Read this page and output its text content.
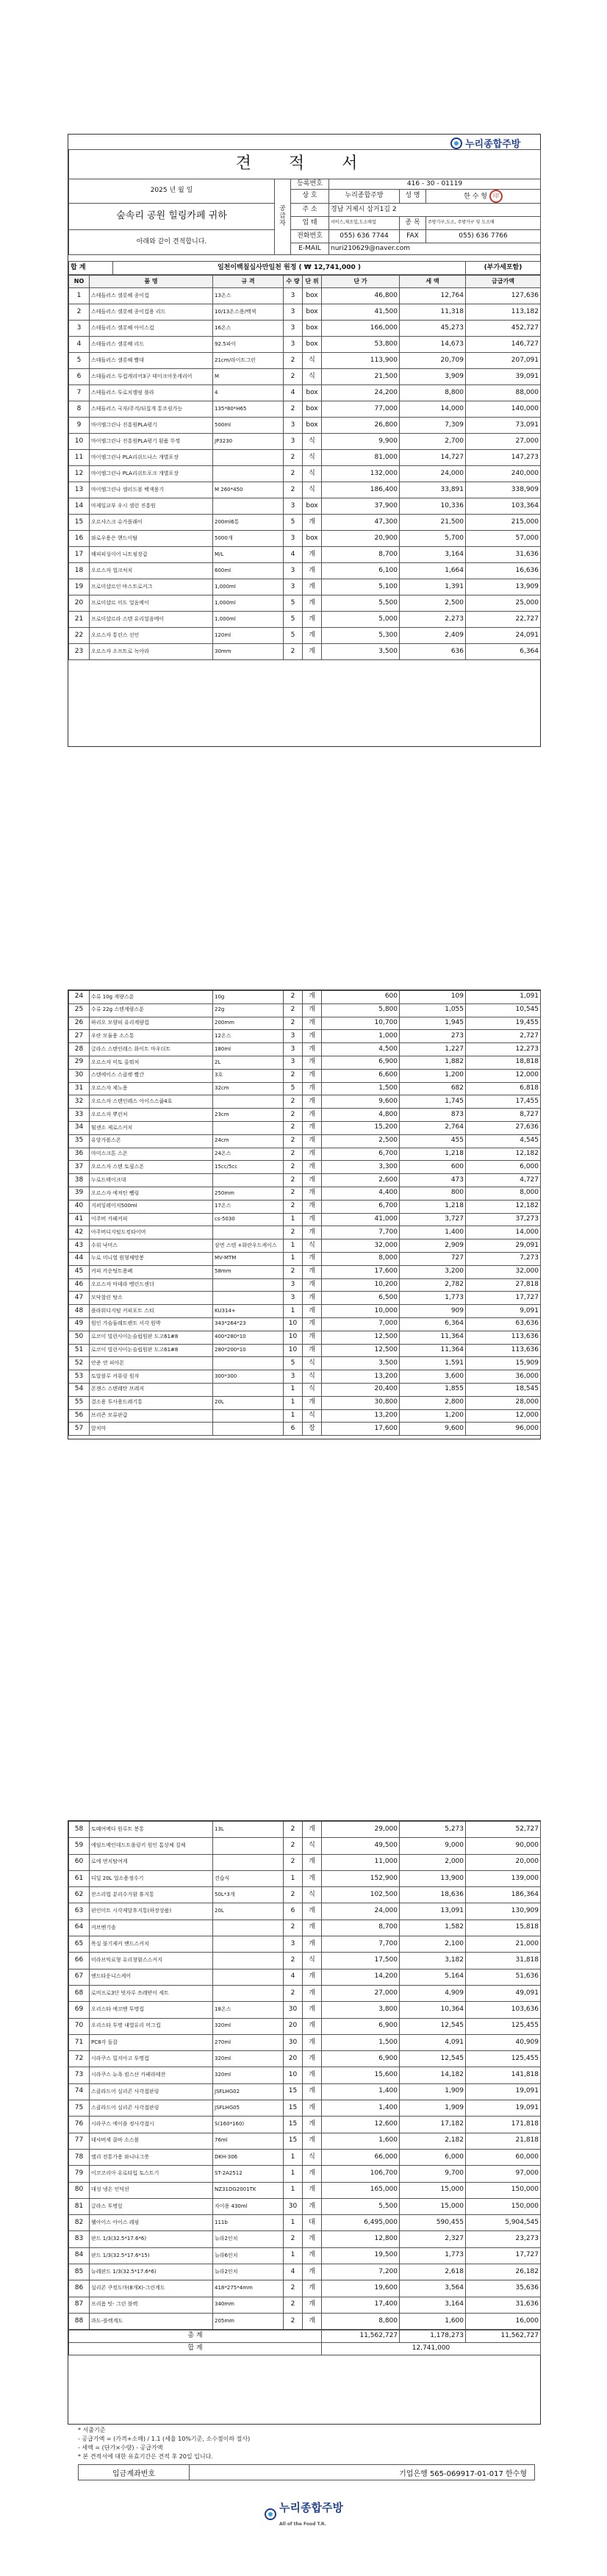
누리종합주방
견 적 서					
2025 년 월 일	공 급 자	등록번호	416 - 30 - 01119		
		상 호	누리종합주방	성 명	한 수 형 印
숲속리 공원 힐링카페 귀하		주 소	경남 거제시 삼거1길 2		
		업 태	서비스,제조업,도소매업	종 목	주방기구,도소, 주방가구 및 도소매
아래와 같이 견적합니다.		전화번호	055) 636 7744	FAX	055) 636 7766
		E-MAIL	nuri210629@naver.com		
합 계	일천이백칠십사만일천 원정 ( ₩ 12,741,000 )	(부가세포함)
NO	품 명	규 격	수 량	단 위	단 가	세 액	금급가액
1	스테들러스 샐롯혜 종이컵	13온스	3	box	46,800	12,764	127,636
2	스테들러스 샐롯혜 종이컵용 리드	10/13온스용/백색	3	box	41,500	11,318	113,182
3	스테들러스 샐롯혜 아이스컵	16온스	3	box	166,000	45,273	452,727
4	스테들러스 샐롯혜 리드	92.5파이	3	box	53,800	14,673	146,727
5	스테들러스 샐롯혜 빨대	21cm/라이트그린	2	식	113,900	20,709	207,091
6	스테들러스 투컵캐리어3구 테이크아웃캐리어	M	2	식	21,500	3,909	39,091
7	스테들러스 투로치캠핑 플라	4	4	box	24,200	8,800	88,000
8	스테들러스 국자/주걱/뒤집개 통조림가능	135*80*H65	2	box	77,000	14,000	140,000
9	마이엠그린나 진흥원PLA평기	500ml	3	box	26,800	7,309	73,091
10	마이엠그린나 진흥원PLA평기 흰품 뚜껑	JP3230	3	식	9,900	2,700	27,000
11	마이엠그린나 PLA리쉬드나스 개별포장		2	식	81,000	14,727	147,273
12	마이엠그린나 PLA리쉬트포크 개별포장		2	식	132,000	24,000	240,000
13	마이엠그린나 샐러드볼 백색용기	M 260*450	2	식	186,400	33,891	338,909
14	마제일교부 우시 샐런 진흥원		3	box	37,900	10,336	103,364
15	오르샤스크 슈가플래이	200ml6통	5	개	47,300	21,500	215,000
16	와로우용은 핸드이탈	5000개	3	box	20,900	5,700	57,000
17	해피피싱이어 니트핑장갑	M/L	4	개	8,700	3,164	31,636
18	오르스자 얼크처치	600ml	3	개	6,100	1,664	16,636
19	프로미샬르인 바스트로커그	1,000ml	3	개	5,100	1,391	13,909
20	프로미샬르 미도 얼음메이	1,000ml	5	개	5,500	2,500	25,000
21	프로미샬르라 스텐 유리얼음메이	1,000ml	5	개	5,000	2,273	22,727
22	오르스자 통린스 선인	120ml	5	개	5,300	2,409	24,091
23	오르스자 소프트로 녹아라	30mm	2	개	3,500	636	6,364
24	수류 10g 계량스푼	10g	2	개	600	109	1,091
25	수류 22g 스텐계량스푼	22g	2	개	5,800	1,055	10,545
26	하리오 모양피 유리계량컵	200mm	2	개	10,700	1,945	19,455
27	우란 모듈용 소스통	12온스	3	개	1,000	273	2,727
28	글라스 스텐인레스 화이트 마우더트	180ml	3	개	4,500	1,227	12,273
29	오르스자 미토 올뭐처	2L	3	개	6,900	1,882	18,818
30	스텐에이스 스클렛 빨간	3호	2	개	6,600	1,200	12,000
31	오르스자 제노용	32cm	5	개	1,500	682	6,818
32	오르스자 스텐인레스 아이스스쿱4호		2	개	9,600	1,745	17,455
33	오르스자 뿌린처	23cm	2	개	4,800	873	8,727
34	힘센소 제로스커치		2	개	15,200	2,764	27,636
35	유앙가볼스폰	24cm	2	개	2,500	455	4,545
36	마미스크톤 스폰	24온스	2	개	6,700	1,218	12,182
37	오르스자 스텐 토필스폰	15cc/5cc	2	개	3,300	600	6,000
38	누로드태이크대		2	개	2,600	473	4,727
39	오르스자 에져틴 뺄링	250mm	2	개	4,400	800	8,000
40	지퍼잉레이저500ml	17온스	2	개	6,700	1,218	12,182
41	이주버 카페커피	cs-5030	1	개	41,000	3,727	37,273
42	아주버디지털도킹타이머		2	개	7,700	1,400	14,000
43	수워 낙머스	삼면 스텐 +화란우드케이스	1	식	32,000	2,909	29,091
44	누로 미니열 원형체망봉	MV-MTM	1	개	8,000	727	7,273
45	커피 카운팅트용폐	58mm	2	개	17,600	3,200	32,000
46	오르스자 마데라 뱅린드센더		3	개	10,200	2,782	27,818
47	모닥찰린 탕소		3	개	6,500	1,773	17,727
48	플라워디지털 커피포트 스티	KU314+	1	개	10,000	909	9,091
49	원인 가슴둘레트팬트 서각 원박	343*264*23	10	개	7,000	6,364	63,636
50	로코이 빌런사이논슬럽원판 도고61#8	400*280*10	10	개	12,500	11,364	113,636
51	로코이 빌런사이논슬럽원판 도고61#8	280*200*10	10	개	12,500	11,364	113,636
52	안준 연 피아몬		5	식	3,500	1,591	15,909
53	토알블루 커뮤링 원자	300*300	3	식	13,200	3,600	36,000
54	폰젠스 스텐레탄 브레저		1	식	20,400	1,855	18,545
55	결소용 투사용드레기통	20L	1	개	30,800	2,800	28,000
56	브리즌 모류판갑		1	식	13,200	1,200	12,000
57	앞치마		6	장	17,600	9,600	96,000
58	토떼여메다 원루트 봉통	13L	2	개	29,000	5,273	52,727
59	에임드메인데드트롤링키 원인 톰상체 질체		2	식	49,500	9,000	90,000
60	로에 면치탐여계		2	개	11,000	2,000	20,000
61	디딜 20L 업소용정수기	견습식	1	개	152,900	13,900	139,000
62	잔스리법 분리수거함 휴지통	50L*3개	2	식	102,500	18,636	186,364
63	핀인미트 시각제달후지통(하장상품)	20L	6	개	24,000	13,091	130,909
64	커브벤기솔		2	개	8,700	1,582	15,818
65	목실 불기제커 밴드스커치		3	개	7,700	2,100	21,000
66	미라브믹료형 유리창함스스커지		2	식	17,500	3,182	31,818
67	엔드타운니스케어		4	개	14,200	5,164	51,636
68	로비프로3단 빗자루 쓰레받이 세트		2	개	27,000	4,909	49,091
69	오리스타 에코맨 투명컵	18온스	30	개	3,800	10,364	103,636
70	오리스타 투명 내열유리 머그컵	320ml	20	개	6,900	12,545	125,455
71	PC8각 돌잡	270ml	30	개	1,500	4,091	40,909
72	시라쿠스 밀지아고 투명컵	320ml	20	개	6,900	12,545	125,455
73	시라쿠스 뉴욕 킴스산 카페라테잔	320ml	10	개	15,600	14,182	141,818
74	스클라드어 실리콘 사각접판링	JSFLHG02	15	개	1,400	1,909	19,091
75	스클라드어 실리콘 사각접판링	JSFLHG05	15	개	1,400	1,909	19,091
76	시라쿠스 에이플 정사각접시	S(160*160)	15	개	12,600	17,182	171,818
77	데샤버세 콜바 소스볼	76ml	15	개	1,600	2,182	21,818
78	엘리 전통가용 와니나그릇	DKH-306	1	식	66,000	6,000	60,000
79	이코코리아 유로타입 토스트기	ST-2A2512	1	개	106,700	9,700	97,000
80	대성 냉온 인덕션	NZ31DG2001TK	1	개	165,000	15,000	150,000
81	글라스 투명잎	자이용 430ml	30	개	5,500	15,000	150,000
82	웰아이스 아이스 레핑	111b	1	대	6,495,000	590,455	5,904,545
83	판드 1/3(32.5*17.6*6)	뉴라2인치	2	개	12,800	2,327	23,273
84	판드 1/3(32.5*17.6*15)	뉴라6인치	1	개	19,500	1,773	17,727
85	뉴레판드 1/3(32.5*17.6*6)	뉴라2인치	4	개	7,200	2,618	26,182
86	실리콘 쿠킹도마(8개X)-그린계도	418*275*4mm	2	개	19,600	3,564	35,636
87	프리폼 텃- 그린 블렉	340mm	2	개	17,400	3,164	31,636
88	과도-블렉계도	205mm	2	개	8,800	1,600	16,000
총 계	11,562,727	1,178,273	11,562,727
합 계	12,741,000		
* 서출기준
- 공급가액 = (가격+소매) / 1.1 (세율 10%기준, 소수점이하 절사)
- 세액 = (단가×수량) - 공급가액
* 본 견적서에 대한 유효기간은 견적 후 20일 입니다.
입금계좌번호	기업은행 565-069917-01-017 한수형
누리종합주방
All of the Food T.R.
